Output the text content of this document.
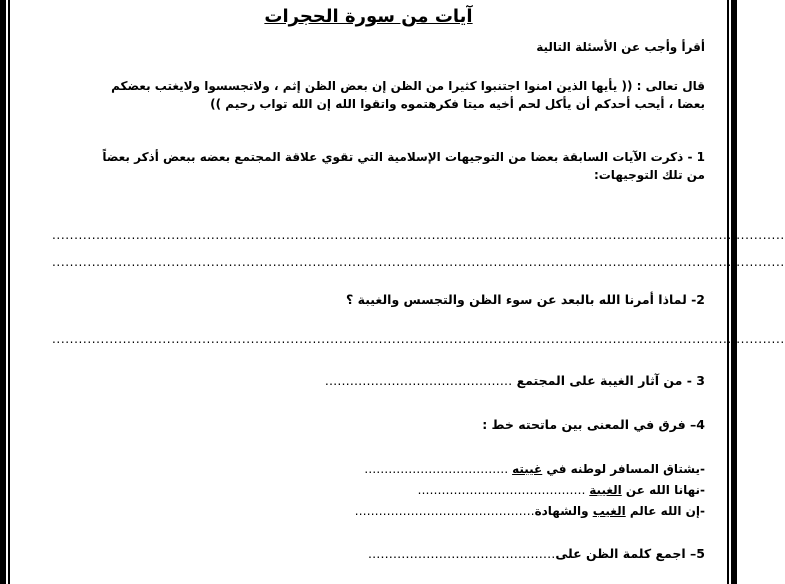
آيات من سورة الحجرات
أقرأ وأجب عن الأسئلة التالية
قال تعالى : (( يأيها الذين امنوا اجتنبوا كثيرا من الظن إن بعض الظن إثم ، ولاتجسسوا ولايغتب بعضكم
بعضا ، أيحب أحدكم أن يأكل لحم أخيه ميتا فكرهتموه واتقوا الله إن الله تواب رحيم ))
1 - ذكرت الآيات السابقة بعضا من التوجيهات الإسلامية التي تقوي علاقة المجتمع بعضه ببعض أذكر بعضاً
من تلك التوجيهات:
......................................................................................................................................................................
......................................................................................................................................................................
2- لماذا أمرنا الله بالبعد عن سوء الظن والتجسس والغيبة ؟
......................................................................................................................................................................
3 - من آثار الغيبة على المجتمع ………………………………………
4– فرق في المعنى بين ماتحته خط :
-يشتاق المسافر لوطنه في غيبته ………………………………
-نهانا الله عن الغيبة ……………………………………
-إن الله عالم الغيب والشهادة………………………………………
5– اجمع كلمة الظن على………………………………………
